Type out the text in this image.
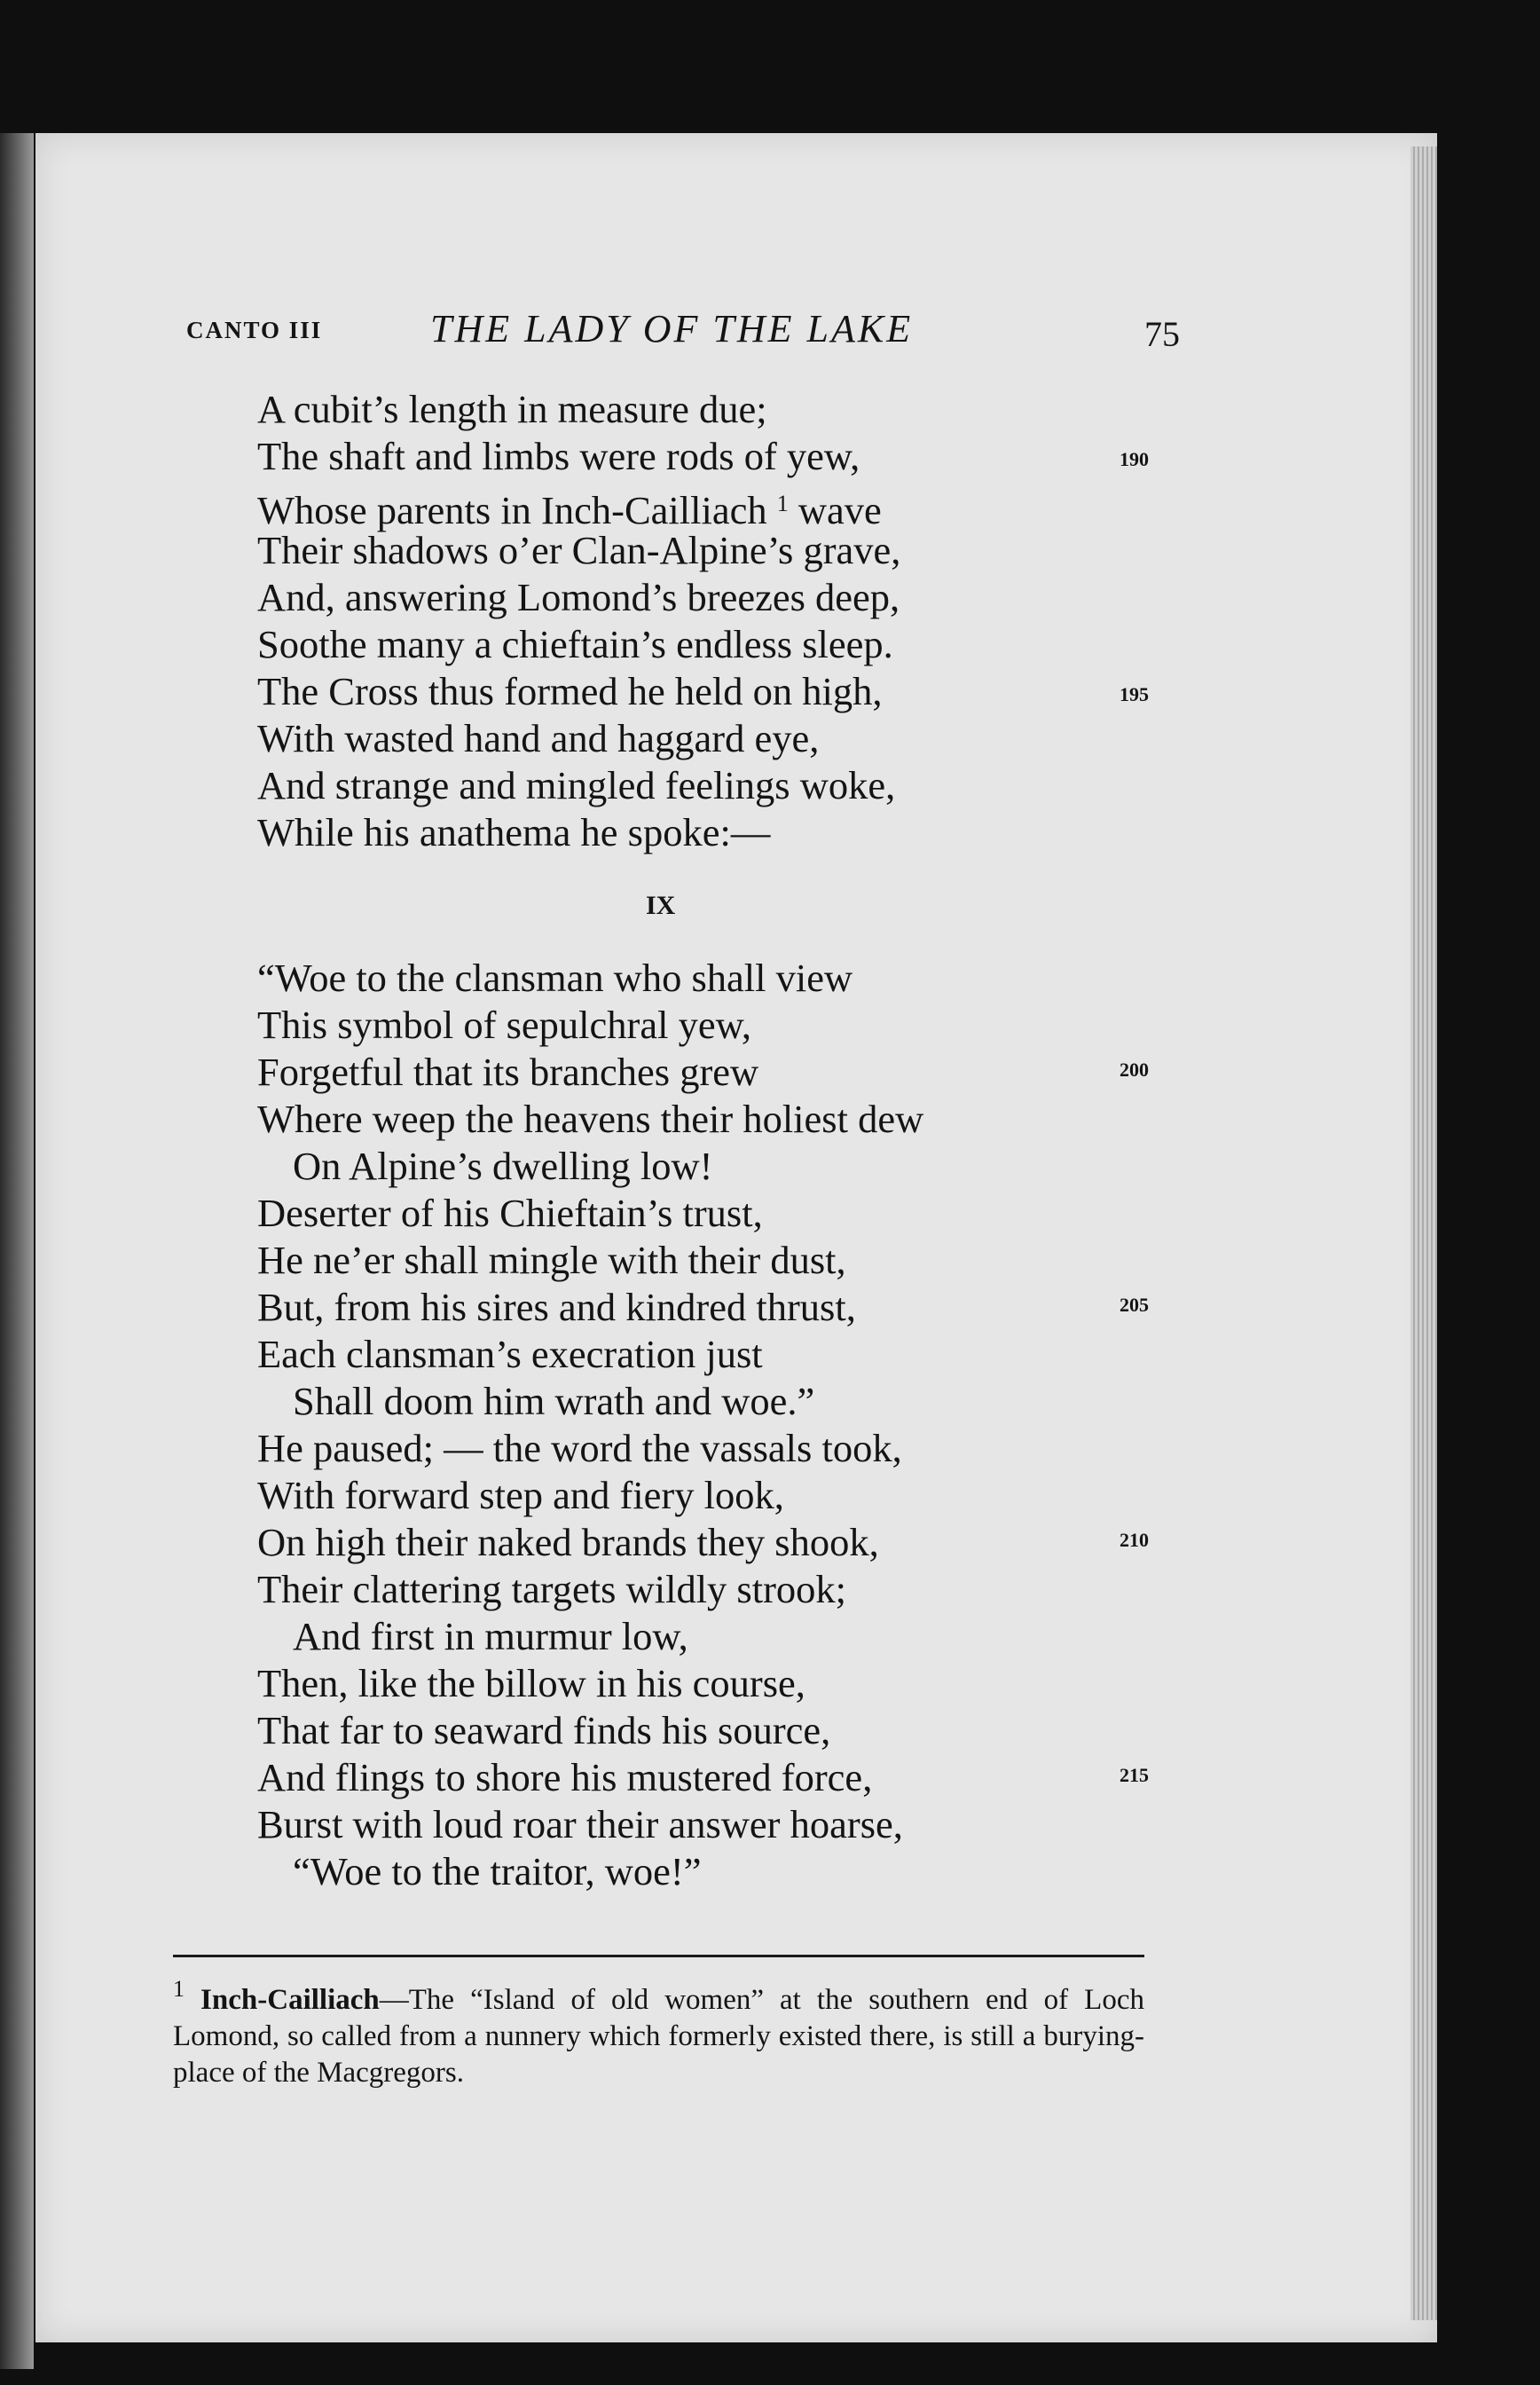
CANTO III	THE LADY OF THE LAKE	75
A cubit’s length in measure due;
The shaft and limbs were rods of yew,
Whose parents in Inch-Cailliach $^1$ wave
Their shadows o’er Clan-Alpine’s grave,
And, answering Lomond’s breezes deep,
Soothe many a chieftain’s endless sleep.
The Cross thus formed he held on high,
With wasted hand and haggard eye,
And strange and mingled feelings woke,
While his anathema he spoke:—
IX
“Woe to the clansman who shall view
This symbol of sepulchral yew,
Forgetful that its branches grew
Where weep the heavens their holiest dew
On Alpine’s dwelling low!
Deserter of his Chieftain’s trust,
He ne’er shall mingle with their dust,
But, from his sires and kindred thrust,
Each clansman’s execration just
Shall doom him wrath and woe.”
He paused; — the word the vassals took,
With forward step and fiery look,
On high their naked brands they shook,
Their clattering targets wildly strook;
And first in murmur low,
Then, like the billow in his course,
That far to seaward finds his source,
And flings to shore his mustered force,
Burst with loud roar their answer hoarse,
“Woe to the traitor, woe!”
190
195
200
205
210
215
$^1$ Inch-Cailliach—The “Island of old women” at the southern end of Loch Lomond, so called from a nunnery which formerly existed there, is still a burying-place of the Macgregors.
